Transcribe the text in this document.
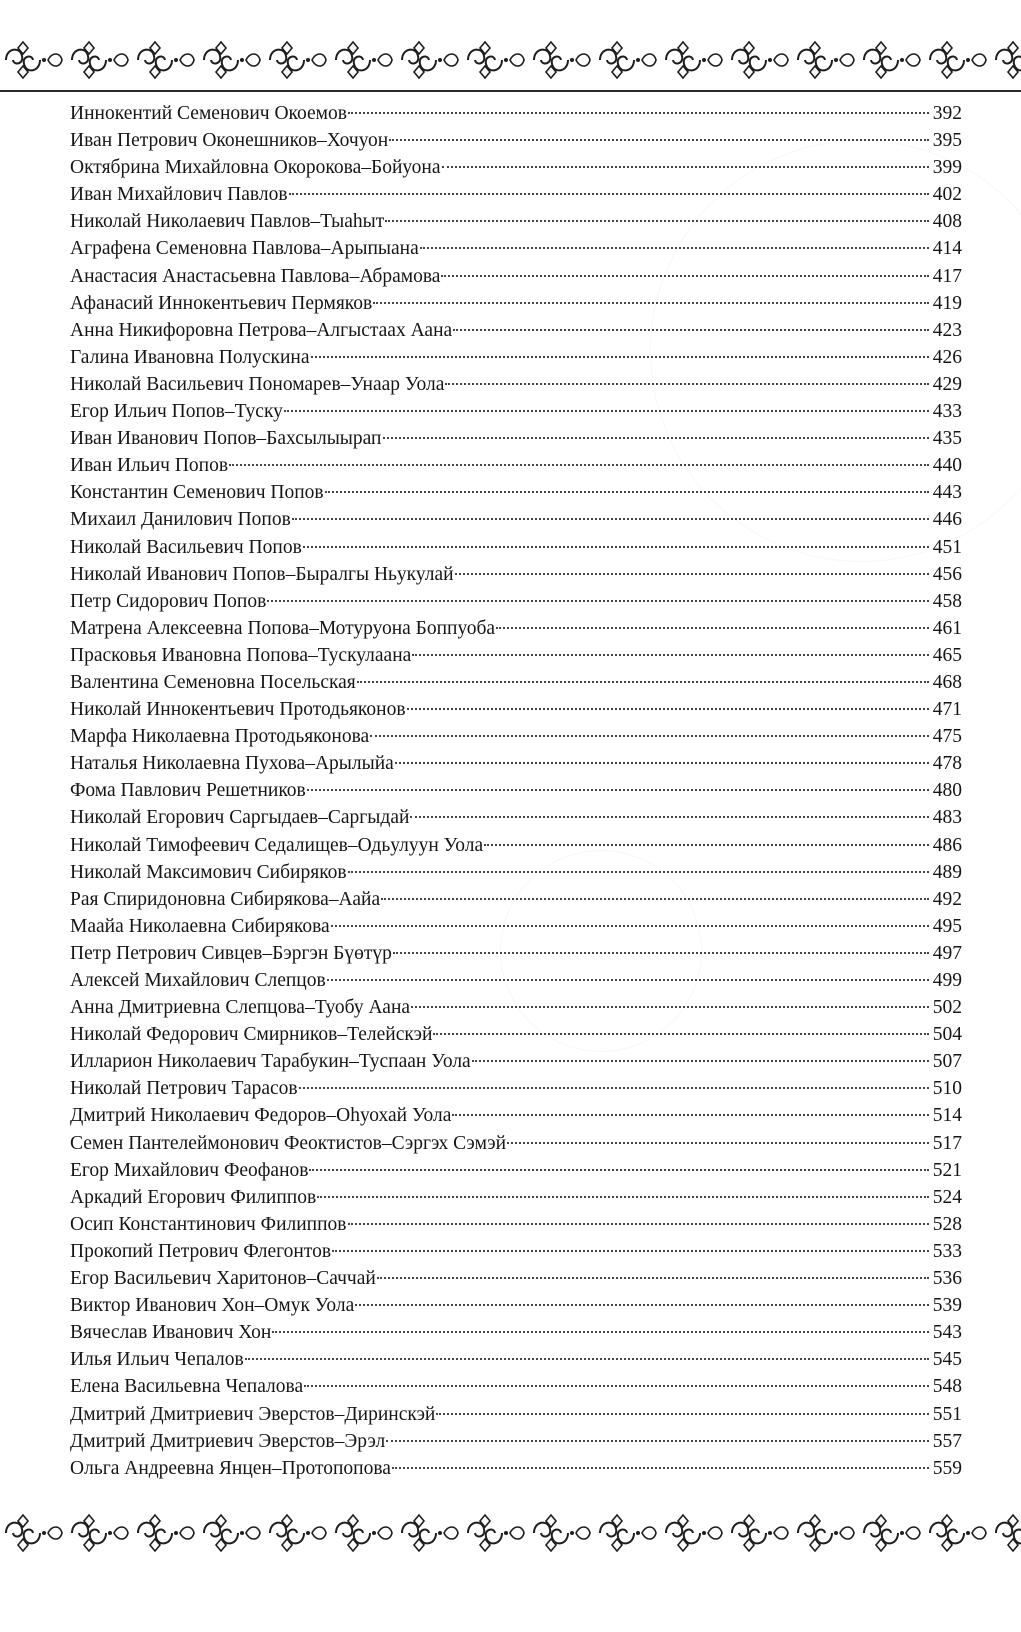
Иннокентий Семенович Окоемов	392
Иван Петрович Оконешников–Хочуон	395
Октябрина Михайловна Окорокова–Бойуона	399
Иван Михайлович Павлов	402
Николай Николаевич Павлов–Тыаһыт	408
Аграфена Семеновна Павлова–Арыпыана	414
Анастасия Анастасьевна Павлова–Абрамова	417
Афанасий Иннокентьевич Пермяков	419
Анна Никифоровна Петрова–Алгыстаах Аана	423
Галина Ивановна Полускина	426
Николай Васильевич Пономарев–Унаар Уола	429
Егор Ильич Попов–Туску	433
Иван Иванович Попов–Бахсылыырап	435
Иван Ильич Попов	440
Константин Семенович Попов	443
Михаил Данилович Попов	446
Николай Васильевич Попов	451
Николай Иванович Попов–Быралгы Ньукулай	456
Петр Сидорович Попов	458
Матрена Алексеевна Попова–Мотуруона Боппуоба	461
Прасковья Ивановна Попова–Тускулаана	465
Валентина Семеновна Посельская	468
Николай Иннокентьевич Протодьяконов	471
Марфа Николаевна Протодьяконова	475
Наталья Николаевна Пухова–Арылыйа	478
Фома Павлович Решетников	480
Николай Егорович Саргыдаев–Саргыдай	483
Николай Тимофеевич Седалищев–Одьулуун Уола	486
Николай Максимович Сибиряков	489
Рая Спиридоновна Сибирякова–Аайа	492
Маайа Николаевна Сибирякова	495
Петр Петрович Сивцев–Бэргэн Бүөтүр	497
Алексей Михайлович Слепцов	499
Анна Дмитриевна Слепцова–Туобу Аана	502
Николай Федорович Смирников–Телейскэй	504
Илларион Николаевич Тарабукин–Туспаан Уола	507
Николай Петрович Тарасов	510
Дмитрий Николаевич Федоров–Оһуохай Уола	514
Семен Пантелеймонович Феоктистов–Сэргэх Сэмэй	517
Егор Михайлович Феофанов	521
Аркадий Егорович Филиппов	524
Осип Константинович Филиппов	528
Прокопий Петрович Флегонтов	533
Егор Васильевич Харитонов–Саччай	536
Виктор Иванович Хон–Омук Уола	539
Вячеслав Иванович Хон	543
Илья Ильич Чепалов	545
Елена Васильевна Чепалова	548
Дмитрий Дмитриевич Эверстов–Диринскэй	551
Дмитрий Дмитриевич Эверстов–Эрэл	557
Ольга Андреевна Янцен–Протопопова	559
